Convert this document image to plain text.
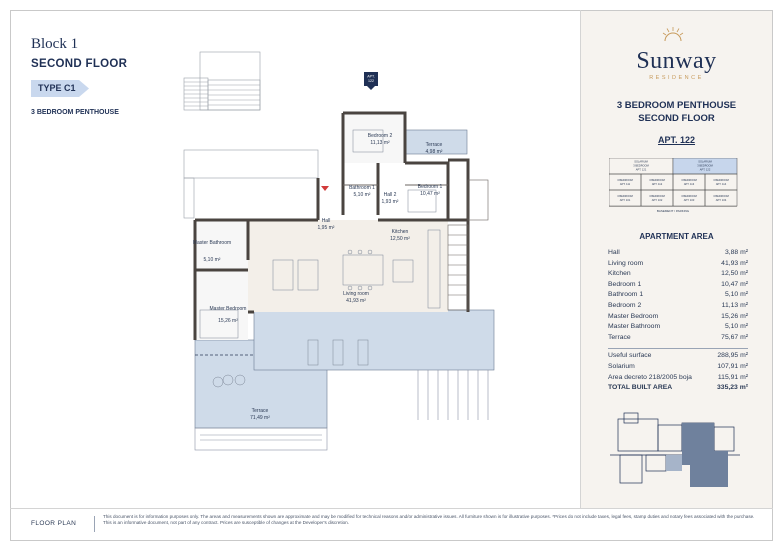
Block 1
SECOND FLOOR
TYPE C1
3 BEDROOM PENTHOUSE
APT.
122
Bedroom 2
11,13 m²	Terrace
4,98 m²
Bathroom 1
5,10 m²	Hall 2
1,93 m²
Bedroom 1
10,47 m²
Hall
1,95 m²
Kitchen
12,50 m²
Master Bathroom
5,10 m²
Living room
41,93 m²
Master Bedroom
15,26 m²
Terrace
71,49 m²
Sunway
RESIDENCE
3 BEDROOM PENTHOUSE
SECOND FLOOR
APT. 122
SOLARIUM
3 BEDROOM
APT. 121
SOLARIUM
3 BEDROOM
APT. 122
3 BEDROOM
APT. 111
3 BEDROOM
APT. 112
3 BEDROOM
APT. 113
3 BEDROOM
APT. 114
3 BEDROOM
APT. 101
3 BEDROOM
APT. 102
3 BEDROOM
APT. 103
3 BEDROOM
APT. 104
BASEMENT / PARKING
APARTMENT AREA
Hall	3,88 m²
Living room	41,93 m²
Kitchen	12,50 m²
Bedroom 1	10,47 m²
Bathroom 1	5,10 m²
Bedroom 2	11,13 m²
Master Bedroom	15,26 m²
Master Bathroom	5,10 m²
Terrace	75,67 m²
Useful surface	288,95 m²
Solarium	107,91 m²
Area decreto 218/2005 boja	115,91 m²
TOTAL BUILT AREA	335,23 m²
FLOOR PLAN
This document is for information purposes only. The areas and measurements shown are approximate and may be modified for technical reasons and/or administrative issues. All furniture shown is for illustrative purposes. *Prices do not include taxes, legal fees, stamp duties and notary fees associated with the purchase. This is an informative document, not part of any contract. Prices are susceptible of changes at the Developer's discretion.
